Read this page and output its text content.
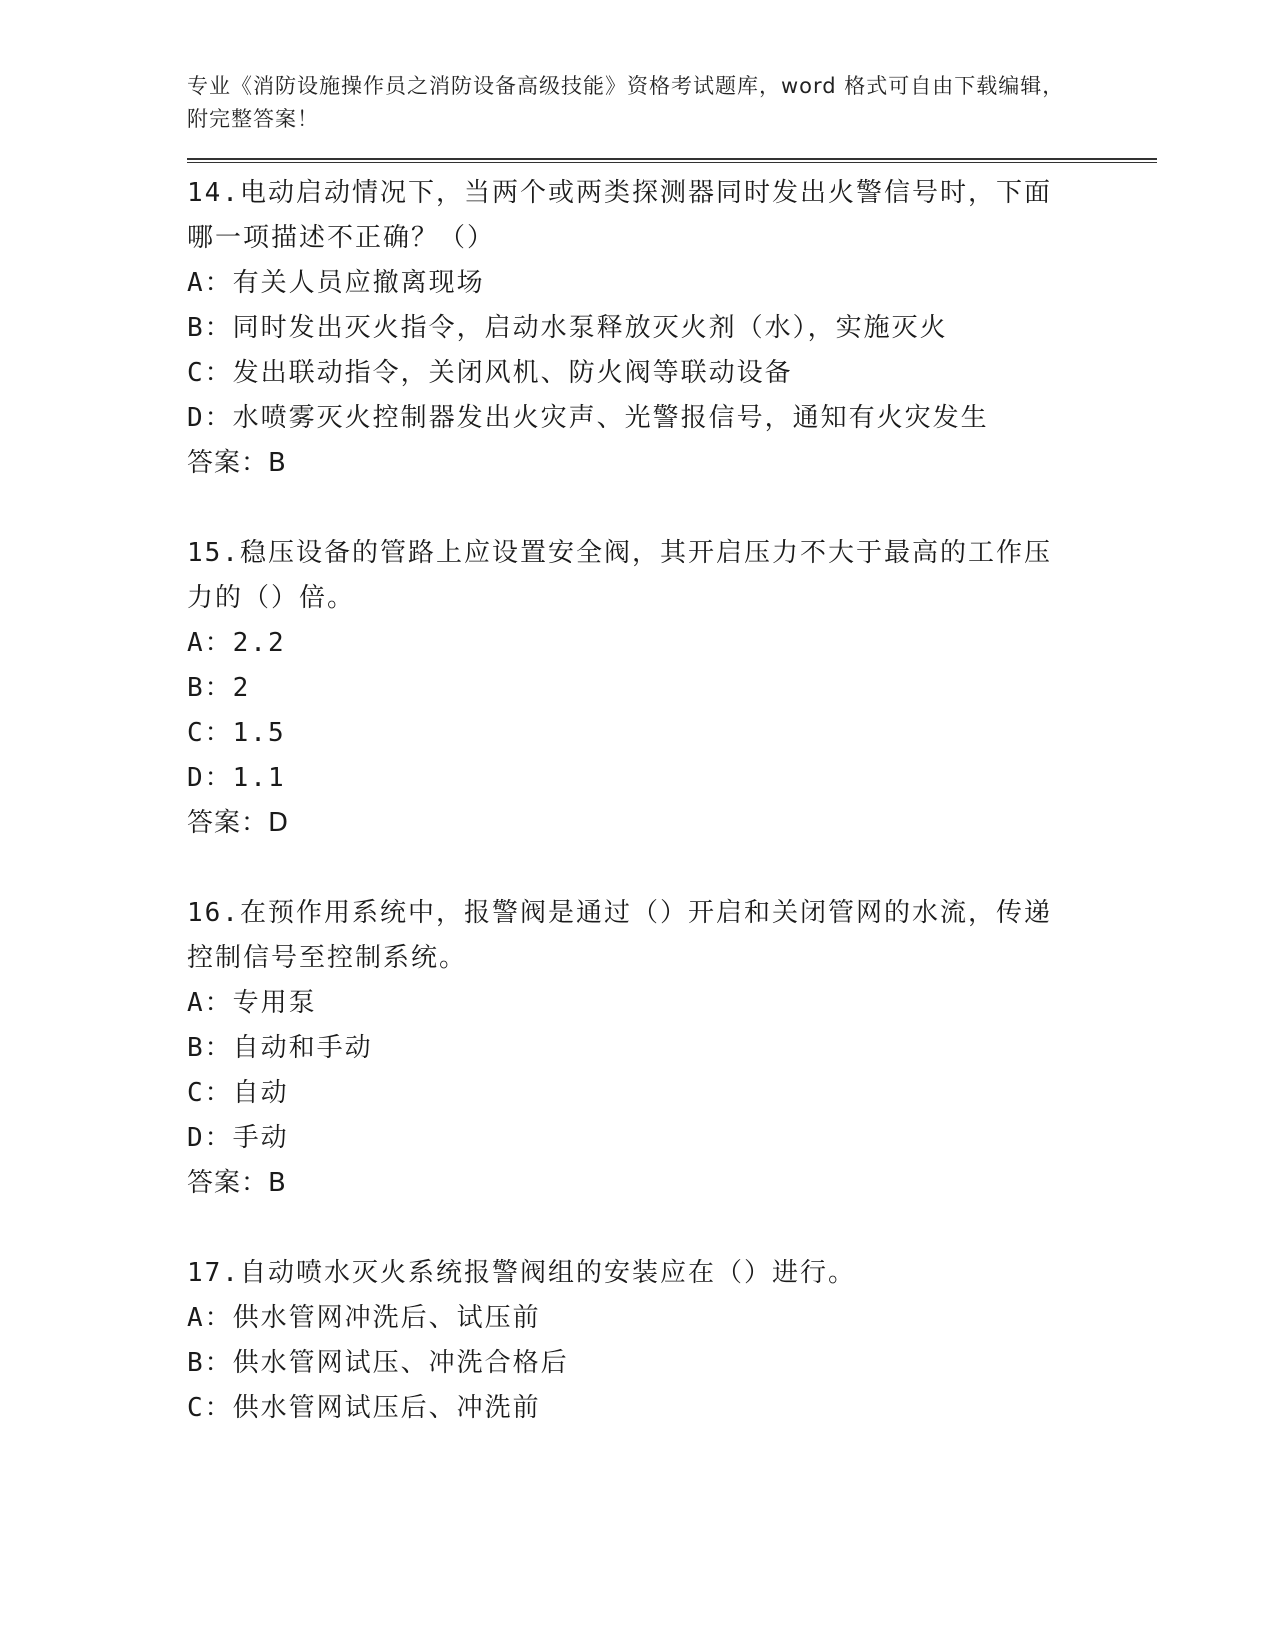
专业《消防设施操作员之消防设备高级技能》资格考试题库，word 格式可自由下载编辑，附完整答案！
14.电动启动情况下，当两个或两类探测器同时发出火警信号时，下面哪一项描述不正确？（）
A：有关人员应撤离现场
B：同时发出灭火指令，启动水泵释放灭火剂（水），实施灭火
C：发出联动指令，关闭风机、防火阀等联动设备
D：水喷雾灭火控制器发出火灾声、光警报信号，通知有火灾发生
答案：B
15.稳压设备的管路上应设置安全阀，其开启压力不大于最高的工作压力的（）倍。
A：2.2
B：2
C：1.5
D：1.1
答案：D
16.在预作用系统中，报警阀是通过（）开启和关闭管网的水流，传递控制信号至控制系统。
A：专用泵
B：自动和手动
C：自动
D：手动
答案：B
17.自动喷水灭火系统报警阀组的安装应在（）进行。
A：供水管网冲洗后、试压前
B：供水管网试压、冲洗合格后
C：供水管网试压后、冲洗前
